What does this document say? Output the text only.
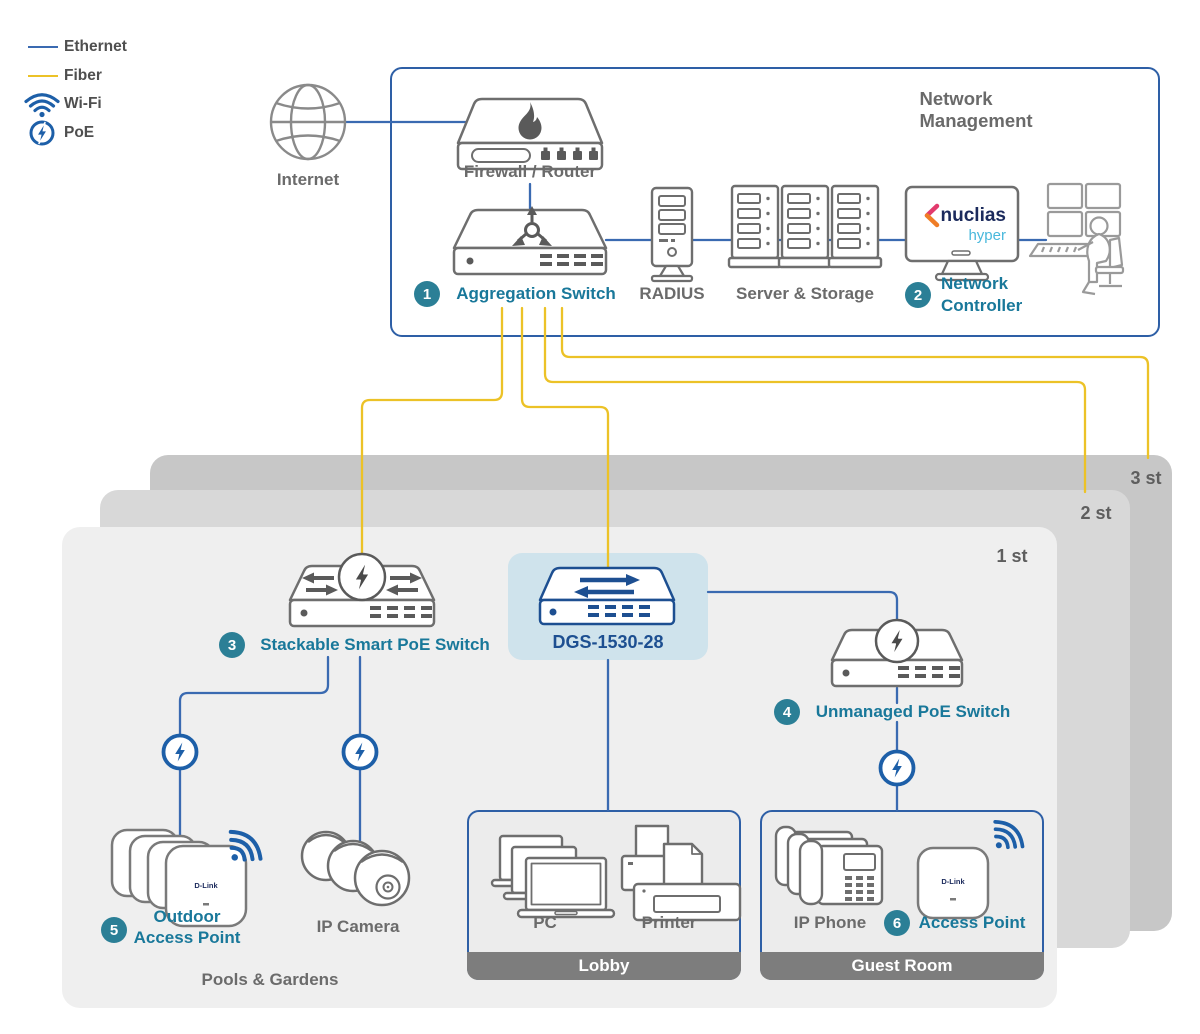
Lobby	Guest Room
nuclias
hyper
D-Link	D-Link
Ethernet
Fiber
Wi-Fi
PoE
Internet
Network Management
Firewall / Router
1	Aggregation Switch RADIUS Server & Storage	2
Network
Controller
3 st
2 st
1 st
3	Stackable Smart PoE Switch	DGS-1530-28
4	Unmanaged PoE Switch
5
Outdoor
Access Point
IP Camera	PC	Printer	IP Phone	6	Access Point
Pools & Gardens
